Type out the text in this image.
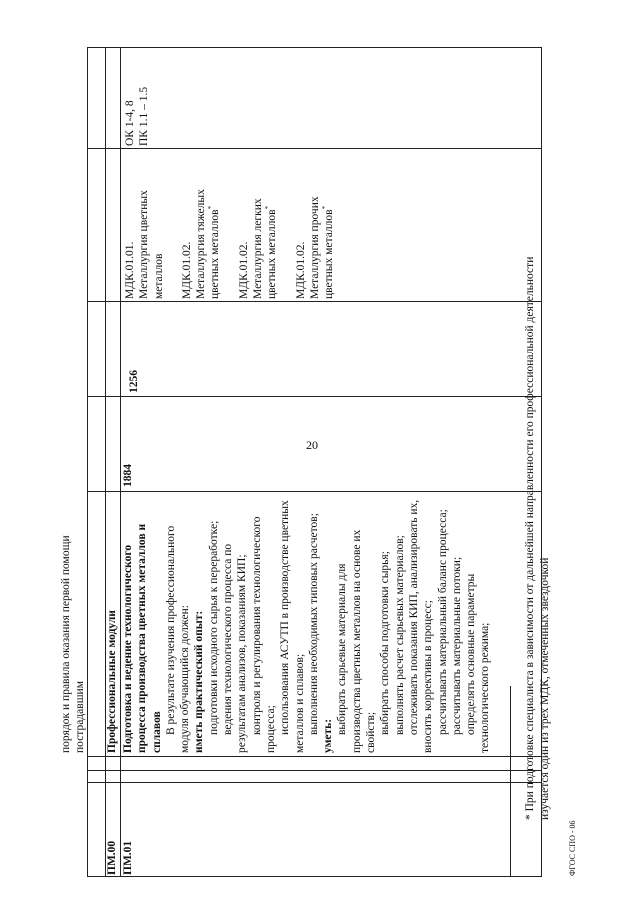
20
порядок и правила оказания первой помощи пострадавшим
ПМ.00
Профессиональные модули
ПМ.01
Подготовка и ведение технологического процесса производства цветных металлов и сплавов В результате изучения профессионального модуля обучающийся должен: иметь практический опыт: подготовки исходного сырья к переработке; ведения технологического процесса по результатам анализов, показаниям КИП; контроля и регулирования технологического процесса; использования АСУТП в производстве цветных металлов и сплавов; выполнения необходимых типовых расчетов;
уметь:
выбирать сырьевые материалы для производства цветных металлов на основе их свойств; выбирать способы подготовки сырья; выполнять расчет сырьевых материалов; отслеживать показания КИП, анализировать их, вносить коррективы в процесс; рассчитывать материальный баланс процесса; рассчитывать материальные потоки; определять основные параметры технологического режима;
1884
1256
МДК.01.01. Металлургия цветных металлов МДК.01.02. Металлургия тяжелых цветных металлов*
МДК.01.02. Металлургия легких цветных металлов*
МДК.01.02. Металлургия прочих цветных металлов*
ОК 1-4, 8 ПК 1.1 – 1.5
* При подготовке специалиста в зависимости от дальнейшей направленности его профессиональной деятельности изучается один из трех МДК, отмеченных звездочкой
ФГОС СПО - 06
